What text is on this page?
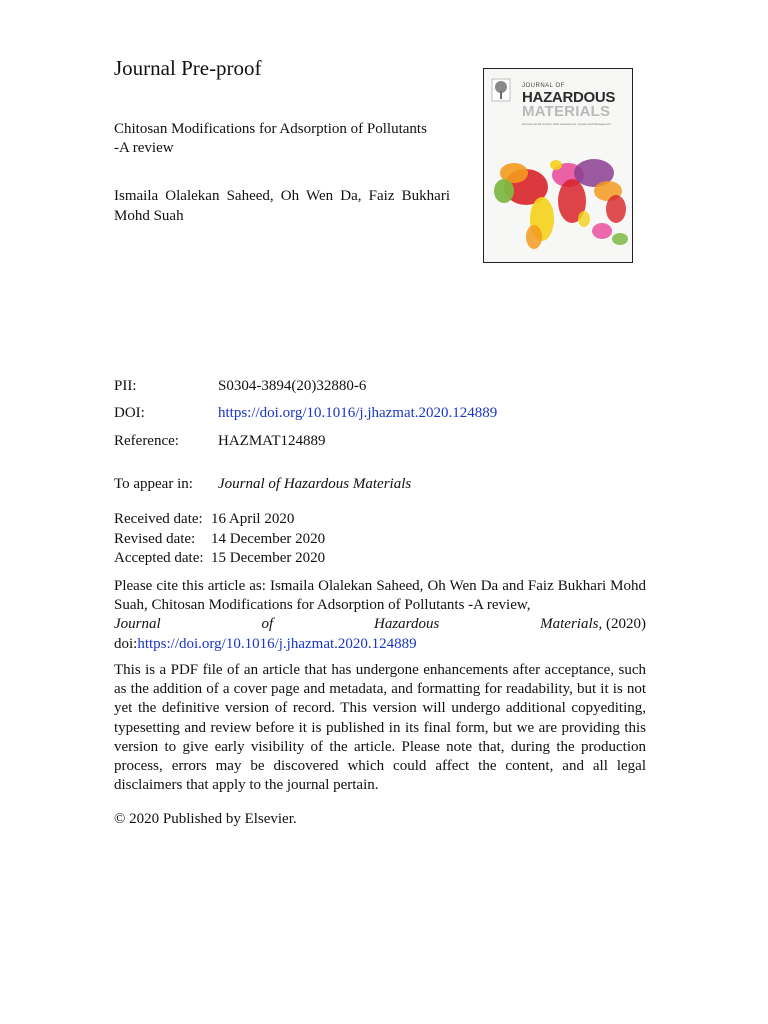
Journal Pre-proof
Chitosan Modifications for Adsorption of Pollutants
-A review
Ismaila Olalekan Saheed, Oh Wen Da, Faiz Bukhari Mohd Suah
JOURNAL OF
HAZARDOUS
MATERIALS
Environmental Control, Risk Assessment, Impact and Management
PII:	S0304-3894(20)32880-6
DOI:	https://doi.org/10.1016/j.jhazmat.2020.124889
Reference:	HAZMAT124889
To appear in: Journal of Hazardous Materials
Received date: 16 April 2020
Revised date: 14 December 2020
Accepted date: 15 December 2020
Please cite this article as: Ismaila Olalekan Saheed, Oh Wen Da and Faiz Bukhari Mohd Suah, Chitosan Modifications for Adsorption of Pollutants -A review,
Journal	of	Hazardous	Materials, (2020)
doi:https://doi.org/10.1016/j.jhazmat.2020.124889
This is a PDF file of an article that has undergone enhancements after acceptance, such as the addition of a cover page and metadata, and formatting for readability, but it is not yet the definitive version of record. This version will undergo additional copyediting, typesetting and review before it is published in its final form, but we are providing this version to give early visibility of the article. Please note that, during the production process, errors may be discovered which could affect the content, and all legal disclaimers that apply to the journal pertain.
© 2020 Published by Elsevier.
